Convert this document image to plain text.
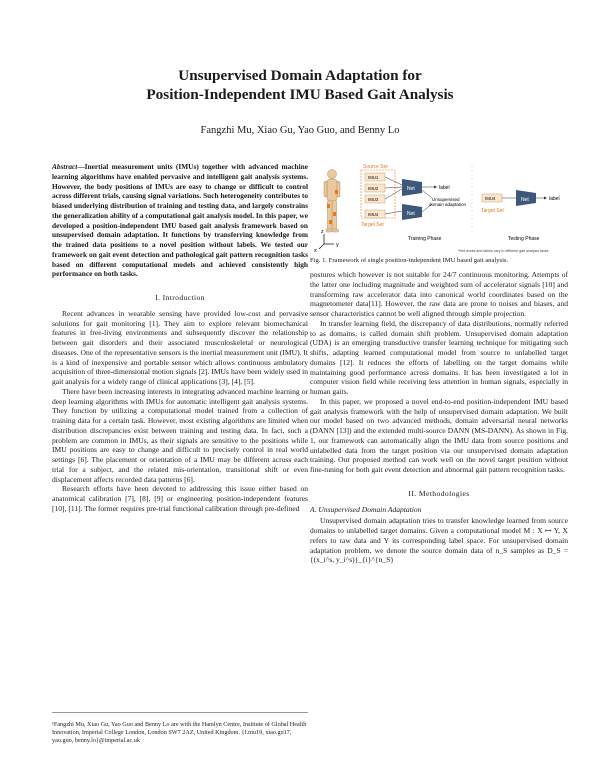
Unsupervised Domain Adaptation for
Position-Independent IMU Based Gait Analysis
Fangzhi Mu, Xiao Gu, Yao Guo, and Benny Lo

Abstract—Inertial measurement units (IMUs) together with advanced machine learning algorithms have enabled pervasive and intelligent gait analysis systems. However, the body positions of IMUs are easy to change or difficult to control across different trials, causing signal variations. Such heterogeneity contributes to biased underlying distribution of training and testing data, and largely constrains the generalization ability of a computational gait analysis model. In this paper, we developed a position-independent IMU based gait analysis framework based on unsupervised domain adaptation. It functions by transferring knowledge from the trained data positions to a novel position without labels. We tested our framework on gait event detection and pathological gait pattern recognition tasks based on different computational models and achieved consistently high performance on both tasks.

I. Introduction

Recent advances in wearable sensing have provided low-cost and pervasive solutions for gait monitoring [1]. They aim to explore relevant biomechanical features in free-living environments and subsequently discover the relationship between gait disorders and their associated musculoskeletal or neurological diseases. One of the representative sensors is the inertial measurement unit (IMU). It is a kind of inexpensive and portable sensor which allows continuous ambulatory acquisition of three-dimensional motion signals [2]. IMUs have been widely used in gait analysis for a widely range of clinical applications [3], [4], [5].

There have been increasing interests in integrating advanced machine learning or deep learning algorithms with IMUs for automatic intelligent gait analysis systems. They function by utilizing a computational model trained from a collection of training data for a certain task. However, most existing algorithms are limited when distribution discrepancies exist between training and testing data. In fact, such a problem are common in IMUs, as their signals are sensitive to the positions while IMU positions are easy to change and difficult to precisely control in real world settings [6]. The placement or orientation of a IMU may be different across each trial for a subject, and the related mis-orientation, transitional shift or even displacement affects recorded data patterns [6].

Research efforts have been devoted to addressing this issue either based on anatomical calibration [7], [8], [9] or engineering position-independent features [10], [11]. The former requires pre-trial functional calibration through pre-defined

¹Fangzhi Mu, Xiao Gu, Yao Guo and Benny Lo are with the Hamlyn Centre, Institute of Global Health Innovation, Imperial College London, London SW7 2AZ, United Kingdom. {f.mu19, xiao.gu17, yao.guo, benny.lo}@imperial.ac.uk
z
y
x
Source Set
IMU1
IMU2
IMU3
IMU4
Target Set
Net
Net
label
Unsupervised
domain adaptation
Training Phase
IMU4
Target Set
Net	label
Testing Phase
*Net works and labels vary in different gait analysis tasks
Fig. 1. Framework of single position-independent IMU based gait analysis.

postures which however is not suitable for 24/7 continuous monitoring. Attempts of the latter one including magnitude and weighted sum of accelerator signals [10] and transforming raw accelerator data into canonical world coordinates based on the magnetometer data[11]. However, the raw data are prone to noises and biases, and sensor characteristics cannot be well aligned through simple projection.

In transfer learning field, the discrepancy of data distributions, normally referred to as domains, is called domain shift problem. Unsupervised domain adaptation (UDA) is an emerging transductive transfer learning technique for mitigating such shifts, adapting learned computational model from source to unlabelled target domains [12]. It reduces the efforts of labelling on the target domains while maintaining good performance across domains. It has been investigated a lot in computer vision field while receiving less attention in human signals, especially in human gaits.

In this paper, we proposed a novel end-to-end position-independent IMU based gait analysis framework with the help of unsupervised domain adaptation. We built our model based on two advanced methods, domain adversarial neural networks (DANN [13]) and the extended multi-source DANN (MS-DANN). As shown in Fig. 1, our framework can automatically align the IMU data from source positions and unlabelled data from the target position via our unsupervised domain adaptation training. Our proposed method can work well on the novel target position without fine-tuning for both gait event detection and abnormal gait pattern recognition tasks.

II. Methodologies
A. Unsupervised Domain Adaptation

Unsupervised domain adaptation tries to transfer knowledge learned from source domains to unlabelled target domains. Given a computational model M : X ↦ Y, X refers to raw data and Y its corresponding label space. For unsupervised domain adaptation problem, we denote the source domain data of n_S samples as D_S = {(x_i^s, y_i^s)}_{i}^{n_S}
